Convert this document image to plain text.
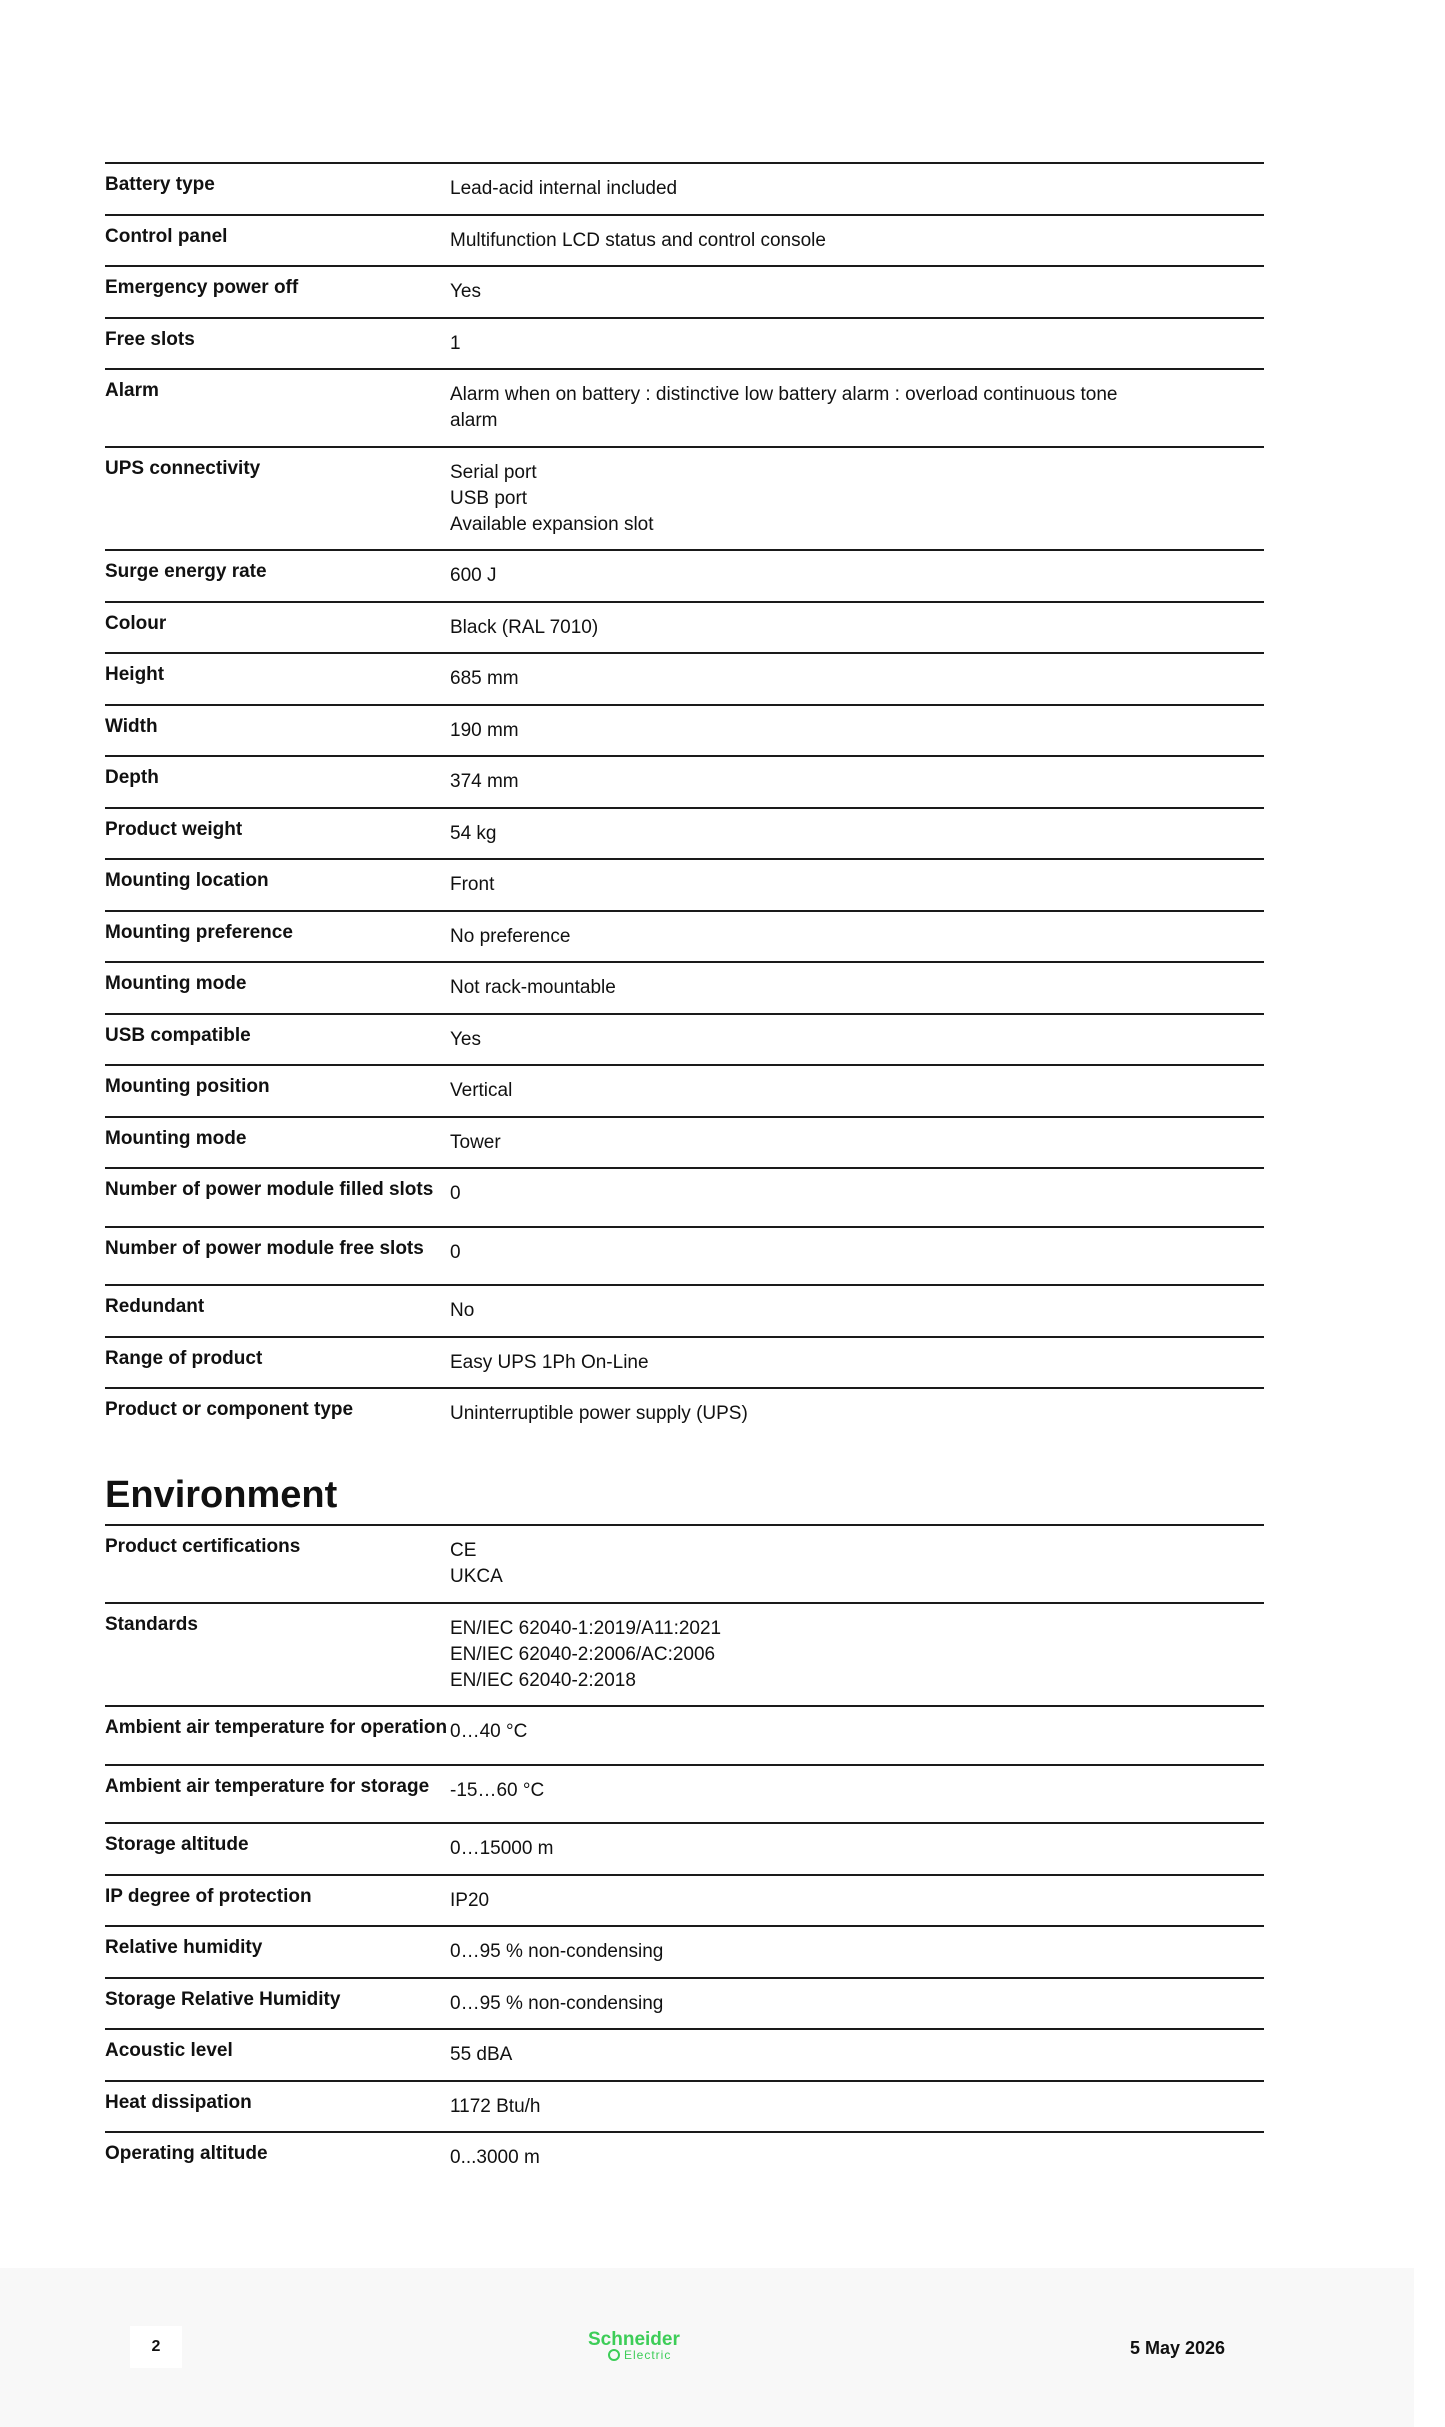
Battery type	Lead-acid internal included
Control panel	Multifunction LCD status and control console
Emergency power off	Yes
Free slots	1
Alarm	Alarm when on battery : distinctive low battery alarm : overload continuous tone
alarm
UPS connectivity	Serial port
USB port
Available expansion slot
Surge energy rate	600 J
Colour	Black (RAL 7010)
Height	685 mm
Width	190 mm
Depth	374 mm
Product weight	54 kg
Mounting location	Front
Mounting preference	No preference
Mounting mode	Not rack-mountable
USB compatible	Yes
Mounting position	Vertical
Mounting mode	Tower
Number of power module filled slots 0
Number of power module free slots	0
Redundant	No
Range of product	Easy UPS 1Ph On-Line
Product or component type	Uninterruptible power supply (UPS)
Environment
Product certifications	CE
UKCA
Standards	EN/IEC 62040-1:2019/A11:2021
EN/IEC 62040-2:2006/AC:2006
EN/IEC 62040-2:2018
Ambient air temperature for operation 0…40 °C
Ambient air temperature for storage	-15…60 °C
Storage altitude	0…15000 m
IP degree of protection	IP20
Relative humidity	0…95 % non-condensing
Storage Relative Humidity	0…95 % non-condensing
Acoustic level	55 dBA
Heat dissipation	1172 Btu/h
Operating altitude	0...3000 m
2	Schneider
Electric	5 May 2026
